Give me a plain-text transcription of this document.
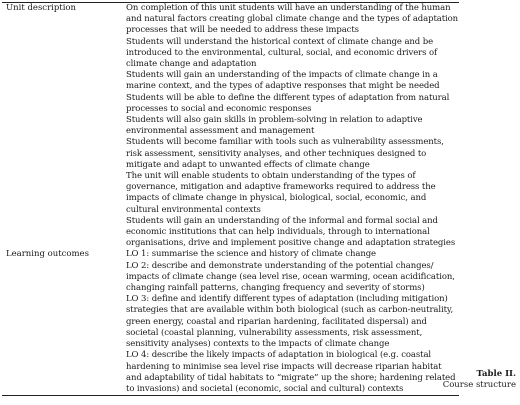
Unit description	On completion of this unit students will have an understanding of the human and natural factors creating global climate change and the types of adaptation processes that will be needed to address these impacts

Students will understand the historical context of climate change and be introduced to the environmental, cultural, social, and economic drivers of climate change and adaptation

Students will gain an understanding of the impacts of climate change in a marine context, and the types of adaptive responses that might be needed

Students will be able to define the different types of adaptation from natural processes to social and economic responses

Students will also gain skills in problem-solving in relation to adaptive environmental assessment and management

Students will become familiar with tools such as vulnerability assessments, risk assessment, sensitivity analyses, and other techniques designed to mitigate and adapt to unwanted effects of climate change

The unit will enable students to obtain understanding of the types of governance, mitigation and adaptive frameworks required to address the impacts of climate change in physical, biological, social, economic, and cultural environmental contexts

Students will gain an understanding of the informal and formal social and economic institutions that can help individuals, through to international organisations, drive and implement positive change and adaptation strategies

Learning outcomes	LO 1: summarise the science and history of climate change

LO 2: describe and demonstrate understanding of the potential changes/ impacts of climate change (sea level rise, ocean warming, ocean acidification, changing rainfall patterns, changing frequency and severity of storms)

LO 3: define and identify different types of adaptation (including mitigation) strategies that are available within both biological (such as carbon-neutrality, green energy, coastal and riparian hardening, facilitated dispersal) and societal (coastal planning, vulnerability assessments, risk assessment, sensitivity analyses) contexts to the impacts of climate change

LO 4: describe the likely impacts of adaptation in biological (e.g. coastal hardening to minimise sea level rise impacts will decrease riparian habitat and adaptability of tidal habitats to “migrate” up the shore; hardening related to invasions) and societal (economic, social and cultural) contexts

Table II.
Course structure
